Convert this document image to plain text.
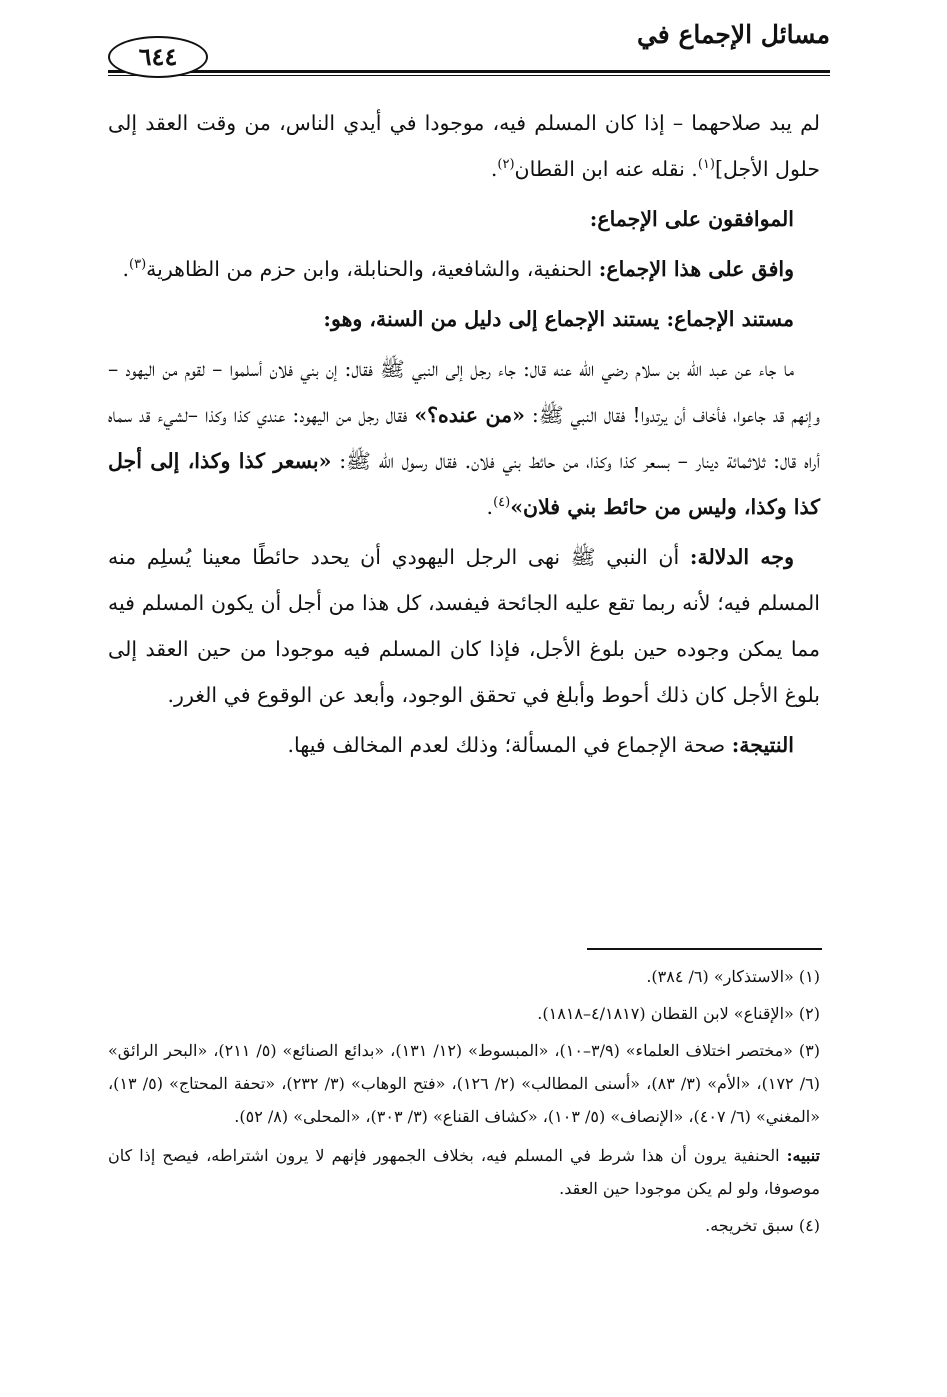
مسائل الإجماع في
٦٤٤

لم يبد صلاحهما – إذا كان المسلم فيه، موجودا في أيدي الناس، من وقت العقد إلى حلول الأجل]$^{(١)}$. نقله عنه ابن القطان$^{(٢)}$.

الموافقون على الإجماع:

وافق على هذا الإجماع: الحنفية، والشافعية، والحنابلة، وابن حزم من الظاهرية$^{(٣)}$.

مستند الإجماع: يستند الإجماع إلى دليل من السنة، وهو:

ما جاء عن عبد الله بن سلام رضي الله عنه قال: جاء رجل إلى النبي ﷺ فقال: إن بني فلان أسلموا – لقوم من اليهود – وإنهم قد جاعوا، فأخاف أن يرتدوا! فقال النبي ﷺ: «من عنده؟» فقال رجل من اليهود: عندي كذا وكذا –لشيء قد سماه أراه قال: ثلاثمائة دينار – بسعر كذا وكذا، من حائط بني فلان. فقال رسول الله ﷺ: «بسعر كذا وكذا، إلى أجل كذا وكذا، وليس من حائط بني فلان»$^{(٤)}$.

وجه الدلالة: أن النبي ﷺ نهى الرجل اليهودي أن يحدد حائطًا معينا يُسلِم منه المسلم فيه؛ لأنه ربما تقع عليه الجائحة فيفسد، كل هذا من أجل أن يكون المسلم فيه مما يمكن وجوده حين بلوغ الأجل، فإذا كان المسلم فيه موجودا من حين العقد إلى بلوغ الأجل كان ذلك أحوط وأبلغ في تحقق الوجود، وأبعد عن الوقوع في الغرر.

النتيجة: صحة الإجماع في المسألة؛ وذلك لعدم المخالف فيها.

(١) «الاستذكار» (٦/ ٣٨٤).

(٢) «الإقناع» لابن القطان (٤/١٨١٧–١٨١٨).

(٣) «مختصر اختلاف العلماء» (٣/٩–١٠)، «المبسوط» (١٢/ ١٣١)، «بدائع الصنائع» (٥/ ٢١١)، «البحر الرائق» (٦/ ١٧٢)، «الأم» (٣/ ٨٣)، «أسنى المطالب» (٢/ ١٢٦)، «فتح الوهاب» (٣/ ٢٣٢)، «تحفة المحتاج» (٥/ ١٣)، «المغني» (٦/ ٤٠٧)، «الإنصاف» (٥/ ١٠٣)، «كشاف القناع» (٣/ ٣٠٣)، «المحلى» (٨/ ٥٢).

تنبيه: الحنفية يرون أن هذا شرط في المسلم فيه، بخلاف الجمهور فإنهم لا يرون اشتراطه، فيصح إذا كان موصوفا، ولو لم يكن موجودا حين العقد.

(٤) سبق تخريجه.
